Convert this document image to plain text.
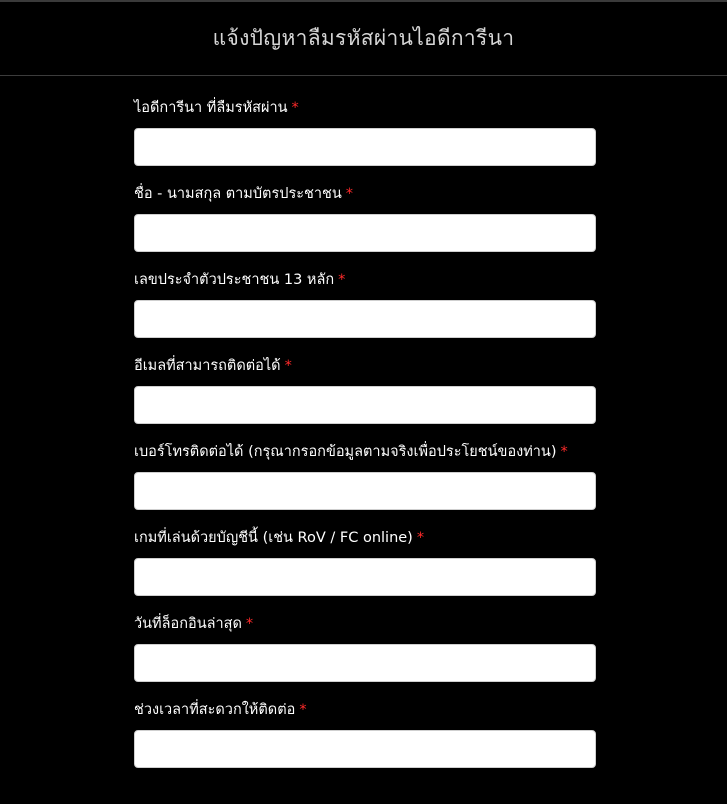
แจ้งปัญหาลืมรหัสผ่านไอดีการีนา
ไอดีการีนา ที่ลืมรหัสผ่าน *
ชื่อ - นามสกุล ตามบัตรประชาชน *
เลขประจำตัวประชาชน 13 หลัก *
อีเมลที่สามารถติดต่อได้ *
เบอร์โทรติดต่อได้ (กรุณากรอกข้อมูลตามจริงเพื่อประโยชน์ของท่าน) *
เกมที่เล่นด้วยบัญชีนี้ (เช่น RoV / FC online) *
วันที่ล็อกอินล่าสุด *
ช่วงเวลาที่สะดวกให้ติดต่อ *
